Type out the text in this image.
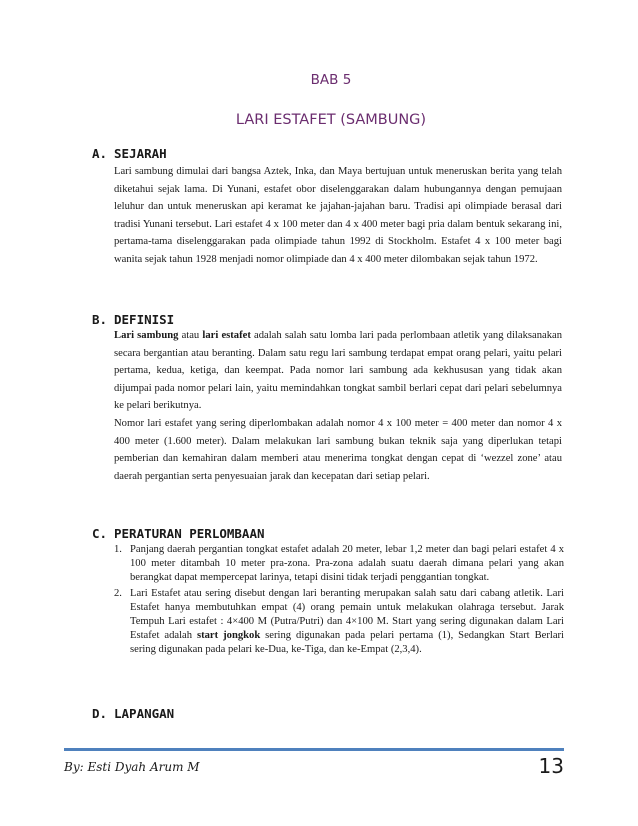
BAB 5
LARI ESTAFET (SAMBUNG)
A. SEJARAH

Lari sambung dimulai dari bangsa Aztek, Inka, dan Maya bertujuan untuk meneruskan berita yang telah diketahui sejak lama. Di Yunani, estafet obor diselenggarakan dalam hubungannya dengan pemujaan leluhur dan untuk meneruskan api keramat ke jajahan-jajahan baru. Tradisi api olimpiade berasal dari tradisi Yunani tersebut. Lari estafet 4 x 100 meter dan 4 x 400 meter bagi pria dalam bentuk sekarang ini, pertama-tama diselenggarakan pada olimpiade tahun 1992 di Stockholm. Estafet 4 x 100 meter bagi wanita sejak tahun 1928 menjadi nomor olimpiade dan 4 x 400 meter dilombakan sejak tahun 1972.

B. DEFINISI

Lari sambung atau lari estafet adalah salah satu lomba lari pada perlombaan atletik yang dilaksanakan secara bergantian atau beranting. Dalam satu regu lari sambung terdapat empat orang pelari, yaitu pelari pertama, kedua, ketiga, dan keempat. Pada nomor lari sambung ada kekhususan yang tidak akan dijumpai pada nomor pelari lain, yaitu memindahkan tongkat sambil berlari cepat dari pelari sebelumnya ke pelari berikutnya.

Nomor lari estafet yang sering diperlombakan adalah nomor 4 x 100 meter = 400 meter dan nomor 4 x 400 meter (1.600 meter). Dalam melakukan lari sambung bukan teknik saja yang diperlukan tetapi pemberian dan kemahiran dalam memberi atau menerima tongkat dengan cepat di ‘wezzel zone’ atau daerah pergantian serta penyesuaian jarak dan kecepatan dari setiap pelari.

C. PERATURAN PERLOMBAAN
1. Panjang daerah pergantian tongkat estafet adalah 20 meter, lebar 1,2 meter dan bagi pelari estafet 4 x 100 meter ditambah 10 meter pra-zona. Pra-zona adalah suatu daerah dimana pelari yang akan berangkat dapat mempercepat larinya, tetapi disini tidak terjadi penggantian tongkat.
2. Lari Estafet atau sering disebut dengan lari beranting merupakan salah satu dari cabang atletik. Lari Estafet hanya membutuhkan empat (4) orang pemain untuk melakukan olahraga tersebut. Jarak Tempuh Lari estafet : 4×400 M (Putra/Putri) dan 4×100 M. Start yang sering digunakan dalam Lari Estafet adalah start jongkok sering digunakan pada pelari pertama (1), Sedangkan Start Berlari sering digunakan pada pelari ke-Dua, ke-Tiga, dan ke-Empat (2,3,4).
D. LAPANGAN
By: Esti Dyah Arum M	13
